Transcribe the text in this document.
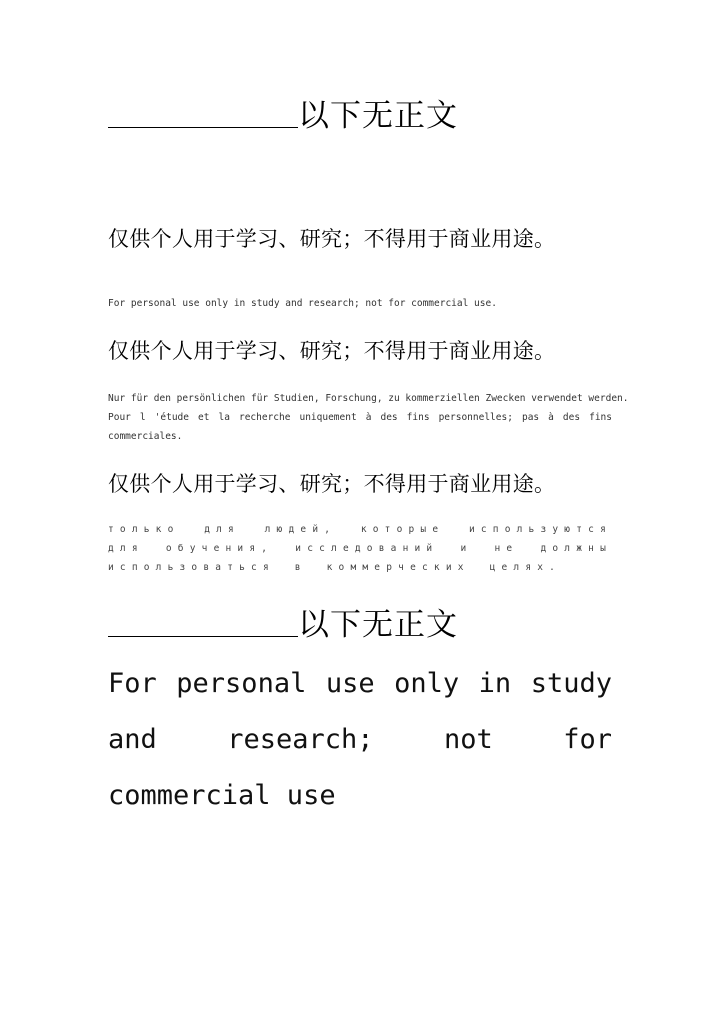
以下无正文
仅供个人用于学习、研究；不得用于商业用途。
For personal use only in study and research; not for commercial use.
仅供个人用于学习、研究；不得用于商业用途。
Nur für den persönlichen für Studien, Forschung, zu kommerziellen Zwecken verwendet werden.
Pour l 'étude et la recherche uniquement à des fins personnelles; pas à des fins commerciales.
仅供个人用于学习、研究；不得用于商业用途。
только для людей, которые используются для обучения, исследований и не должны использоваться в коммерческих целях.
以下无正文
For personal use only in study and research; not for commercial use
